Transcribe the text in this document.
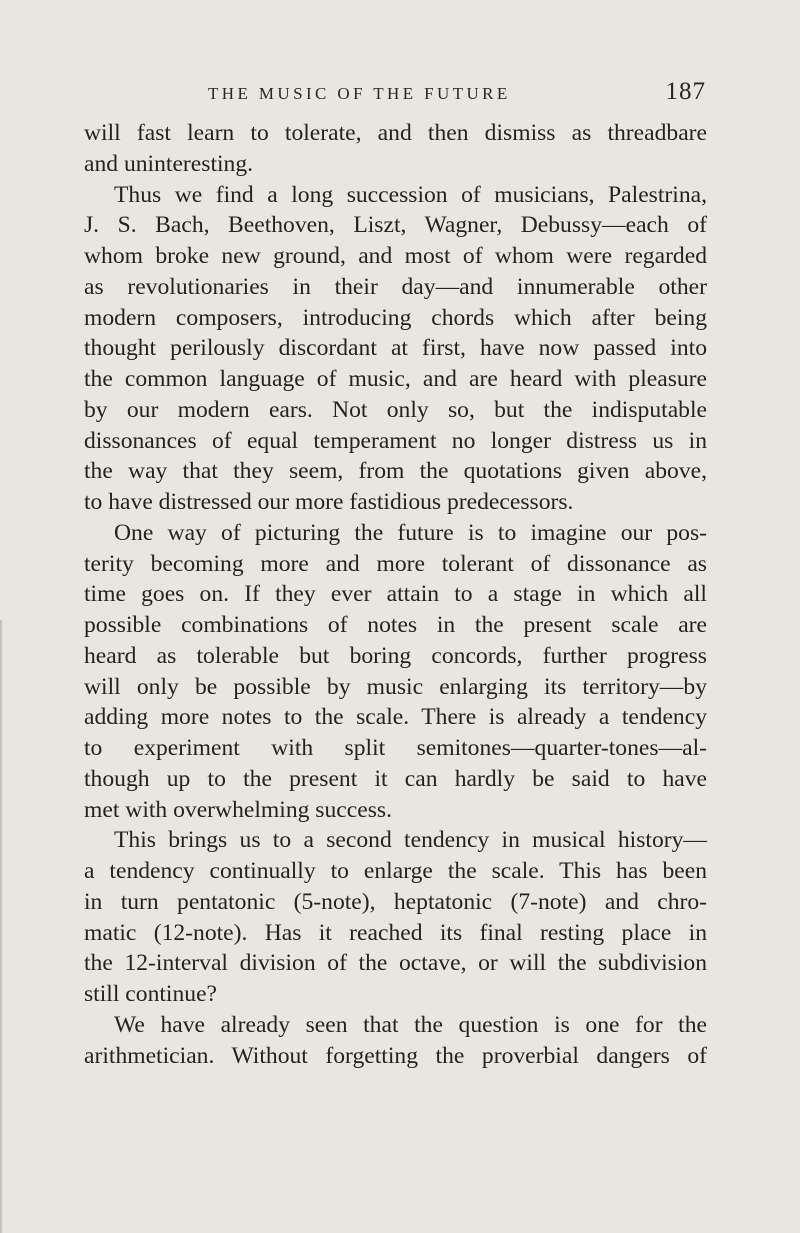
THE MUSIC OF THE FUTURE	187
will fast learn to tolerate, and then dismiss as threadbare
and uninteresting.
Thus we find a long succession of musicians, Palestrina,
J. S. Bach, Beethoven, Liszt, Wagner, Debussy—each of
whom broke new ground, and most of whom were regarded
as revolutionaries in their day—and innumerable other
modern composers, introducing chords which after being
thought perilously discordant at first, have now passed into
the common language of music, and are heard with pleasure
by our modern ears. Not only so, but the indisputable
dissonances of equal temperament no longer distress us in
the way that they seem, from the quotations given above,
to have distressed our more fastidious predecessors.
One way of picturing the future is to imagine our pos-
terity becoming more and more tolerant of dissonance as
time goes on. If they ever attain to a stage in which all
possible combinations of notes in the present scale are
heard as tolerable but boring concords, further progress
will only be possible by music enlarging its territory—by
adding more notes to the scale. There is already a tendency
to experiment with split semitones—quarter-tones—al-
though up to the present it can hardly be said to have
met with overwhelming success.
This brings us to a second tendency in musical history—
a tendency continually to enlarge the scale. This has been
in turn pentatonic (5-note), heptatonic (7-note) and chro-
matic (12-note). Has it reached its final resting place in
the 12-interval division of the octave, or will the subdivision
still continue?
We have already seen that the question is one for the
arithmetician. Without forgetting the proverbial dangers of
